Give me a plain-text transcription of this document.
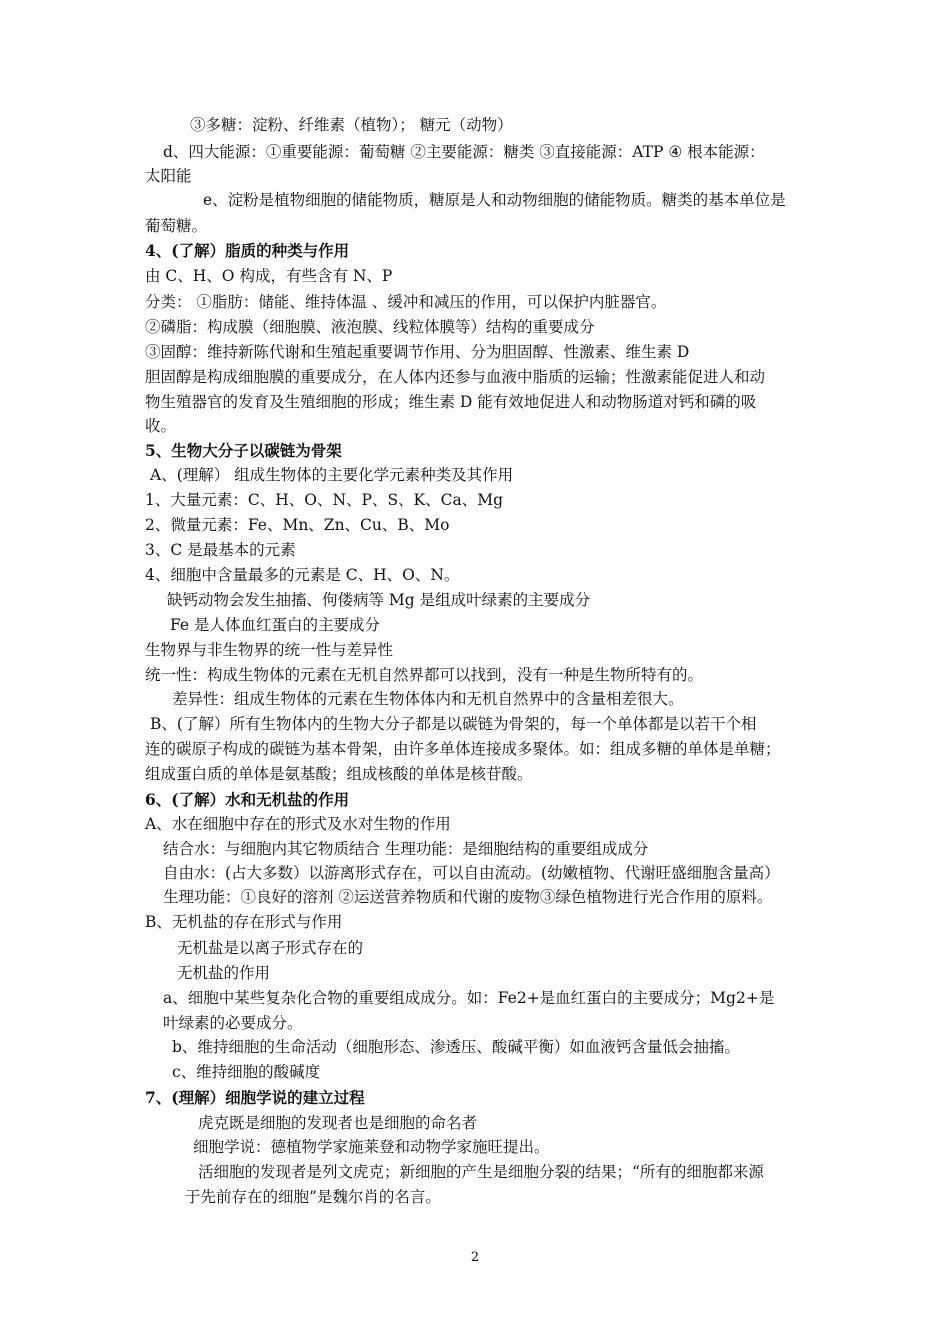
③多糖：淀粉、纤维素（植物）； 糖元（动物）
d、四大能源：①重要能源：葡萄糖 ②主要能源：糖类 ③直接能源：ATP ④ 根本能源：
太阳能
e、淀粉是植物细胞的储能物质，糖原是人和动物细胞的储能物质。糖类的基本单位是
葡萄糖。
4、(了解）脂质的种类与作用
由 C、H、O 构成，有些含有 N、P
分类： ①脂肪：储能、维持体温 、缓冲和减压的作用，可以保护内脏器官。
②磷脂：构成膜（细胞膜、液泡膜、线粒体膜等）结构的重要成分
③固醇：维持新陈代谢和生殖起重要调节作用、分为胆固醇、性激素、维生素 D
胆固醇是构成细胞膜的重要成分，在人体内还参与血液中脂质的运输；性激素能促进人和动
物生殖器官的发育及生殖细胞的形成；维生素 D 能有效地促进人和动物肠道对钙和磷的吸
收。
5、生物大分子以碳链为骨架
A、(理解） 组成生物体的主要化学元素种类及其作用
1、大量元素：C、H、O、N、P、S、K、Ca、Mg
2、微量元素：Fe、Mn、Zn、Cu、B、Mo
3、C 是最基本的元素
4、细胞中含量最多的元素是 C、H、O、N。
缺钙动物会发生抽搐、佝偻病等 Mg 是组成叶绿素的主要成分
Fe 是人体血红蛋白的主要成分
生物界与非生物界的统一性与差异性
统一性：构成生物体的元素在无机自然界都可以找到，没有一种是生物所特有的。
差异性：组成生物体的元素在生物体体内和无机自然界中的含量相差很大。
B、(了解）所有生物体内的生物大分子都是以碳链为骨架的，每一个单体都是以若干个相
连的碳原子构成的碳链为基本骨架，由许多单体连接成多聚体。如：组成多糖的单体是单糖；
组成蛋白质的单体是氨基酸；组成核酸的单体是核苷酸。
6、(了解）水和无机盐的作用
A、水在细胞中存在的形式及水对生物的作用
结合水：与细胞内其它物质结合 生理功能：是细胞结构的重要组成成分
自由水：(占大多数）以游离形式存在，可以自由流动。(幼嫩植物、代谢旺盛细胞含量高）
生理功能：①良好的溶剂 ②运送营养物质和代谢的废物③绿色植物进行光合作用的原料。
B、无机盐的存在形式与作用
无机盐是以离子形式存在的
无机盐的作用
a、细胞中某些复杂化合物的重要组成成分。如：Fe2+是血红蛋白的主要成分；Mg2+是
叶绿素的必要成分。
b、维持细胞的生命活动（细胞形态、渗透压、酸碱平衡）如血液钙含量低会抽搐。
c、维持细胞的酸碱度
7、(理解）细胞学说的建立过程
虎克既是细胞的发现者也是细胞的命名者
细胞学说：德植物学家施莱登和动物学家施旺提出。
活细胞的发现者是列文虎克；新细胞的产生是细胞分裂的结果；“所有的细胞都来源
于先前存在的细胞”是魏尔肖的名言。
2
